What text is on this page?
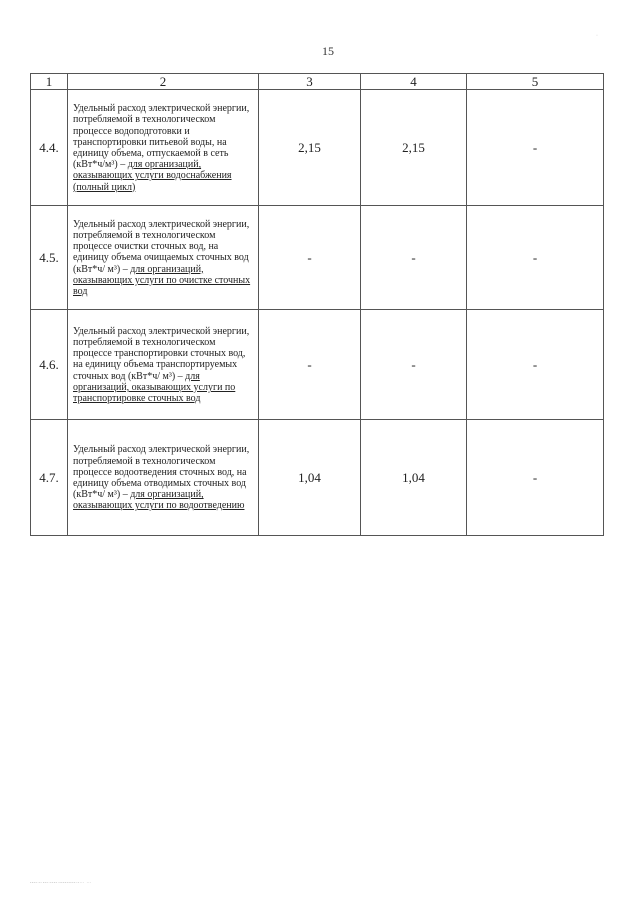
·
15
1	2	3	4	5
4.4.	Удельный расход электрической энергии, потребляемой в технологическом процессе водоподготовки и транспортировки питьевой воды, на единицу объема, отпускаемой в сеть (кВт*ч/м³) – для организаций, оказывающих услуги водоснабжения (полный цикл)	2,15	2,15	-
4.5.	Удельный расход электрической энергии, потребляемой в технологическом процессе очистки сточных вод, на единицу объема очищаемых сточных вод (кВт*ч/ м³) – для организаций, оказывающих услуги по очистке сточных вод	-	-	-
4.6.	Удельный расход электрической энергии, потребляемой в технологическом процессе транспортировки сточных вод, на единицу объема транспортируемых сточных вод (кВт*ч/ м³) – для организаций, оказывающих услуги по транспортировке сточных вод	-	-	-
4.7.	Удельный расход электрической энергии, потребляемой в технологическом процессе водоотведения сточных вод, на единицу объема отводимых сточных вод (кВт*ч/ м³) – для организаций, оказывающих услуги по водоотведению	1,04	1,04	-
----·-·---·----·---------·-··· ···
